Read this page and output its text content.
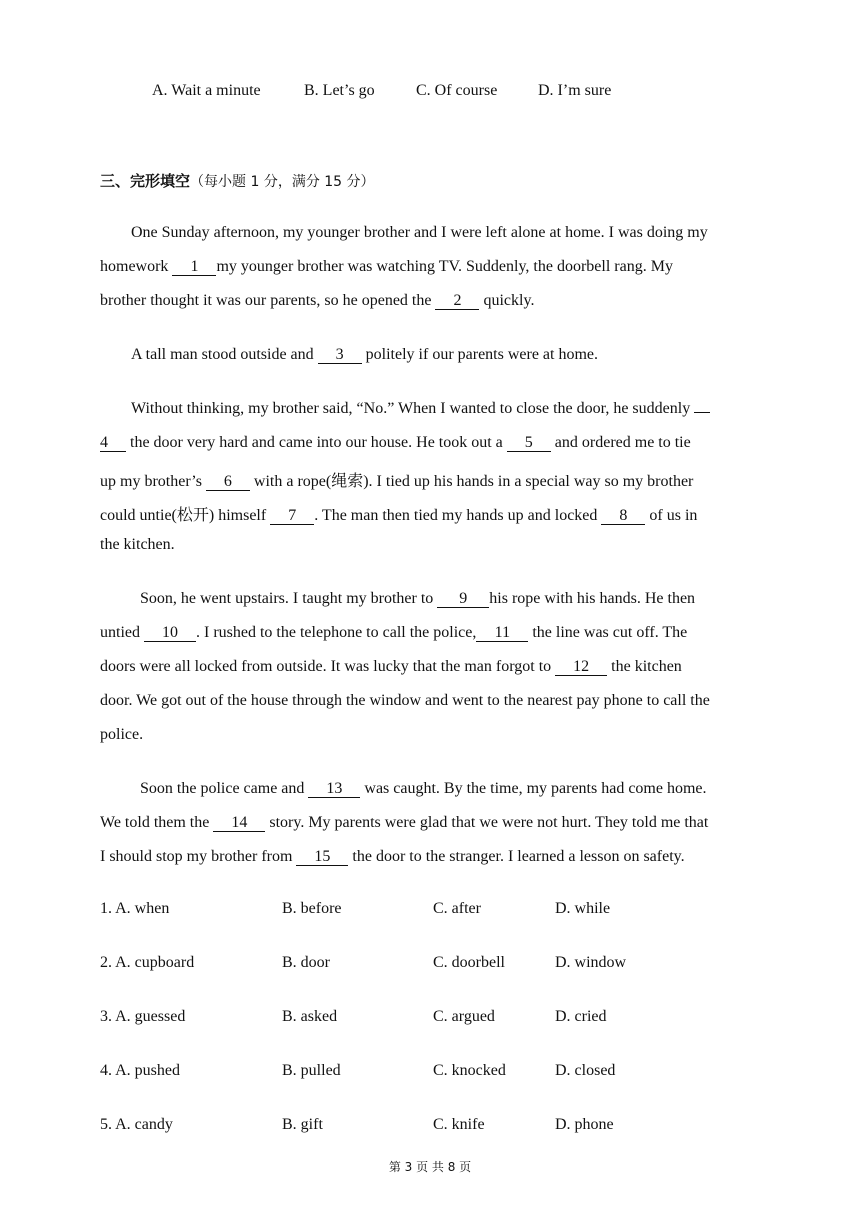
A. Wait a minute	B. Let’s go	C. Of course	D. I’m sure
三、完形填空（每小题 1 分，满分 15 分）
One Sunday afternoon, my younger brother and I were left alone at home. I was doing my
homework 1 my younger brother was watching TV. Suddenly, the doorbell rang. My
brother thought it was our parents, so he opened the 2 quickly.
A tall man stood outside and 3 politely if our parents were at home.
Without thinking, my brother said, “No.” When I wanted to close the door, he suddenly
4 the door very hard and came into our house. He took out a 5 and ordered me to tie
up my brother’s 6 with a rope(绳索). I tied up his hands in a special way so my brother
could untie(松开) himself 7 . The man then tied my hands up and locked 8 of us in
the kitchen.
Soon, he went upstairs. I taught my brother to 9 his rope with his hands. He then
untied 10 . I rushed to the telephone to call the police, 11 the line was cut off. The
doors were all locked from outside. It was lucky that the man forgot to 12 the kitchen
door. We got out of the house through the window and went to the nearest pay phone to call the
police.
Soon the police came and 13 was caught. By the time, my parents had come home.
We told them the 14 story. My parents were glad that we were not hurt. They told me that
I should stop my brother from 15 the door to the stranger. I learned a lesson on safety.
1. A. when	B. before	C. after	D. while
2. A. cupboard	B. door	C. doorbell	D. window
3. A. guessed	B. asked	C. argued	D. cried
4. A. pushed	B. pulled	C. knocked	D. closed
5. A. candy	B. gift	C. knife	D. phone
第 3 页 共 8 页
